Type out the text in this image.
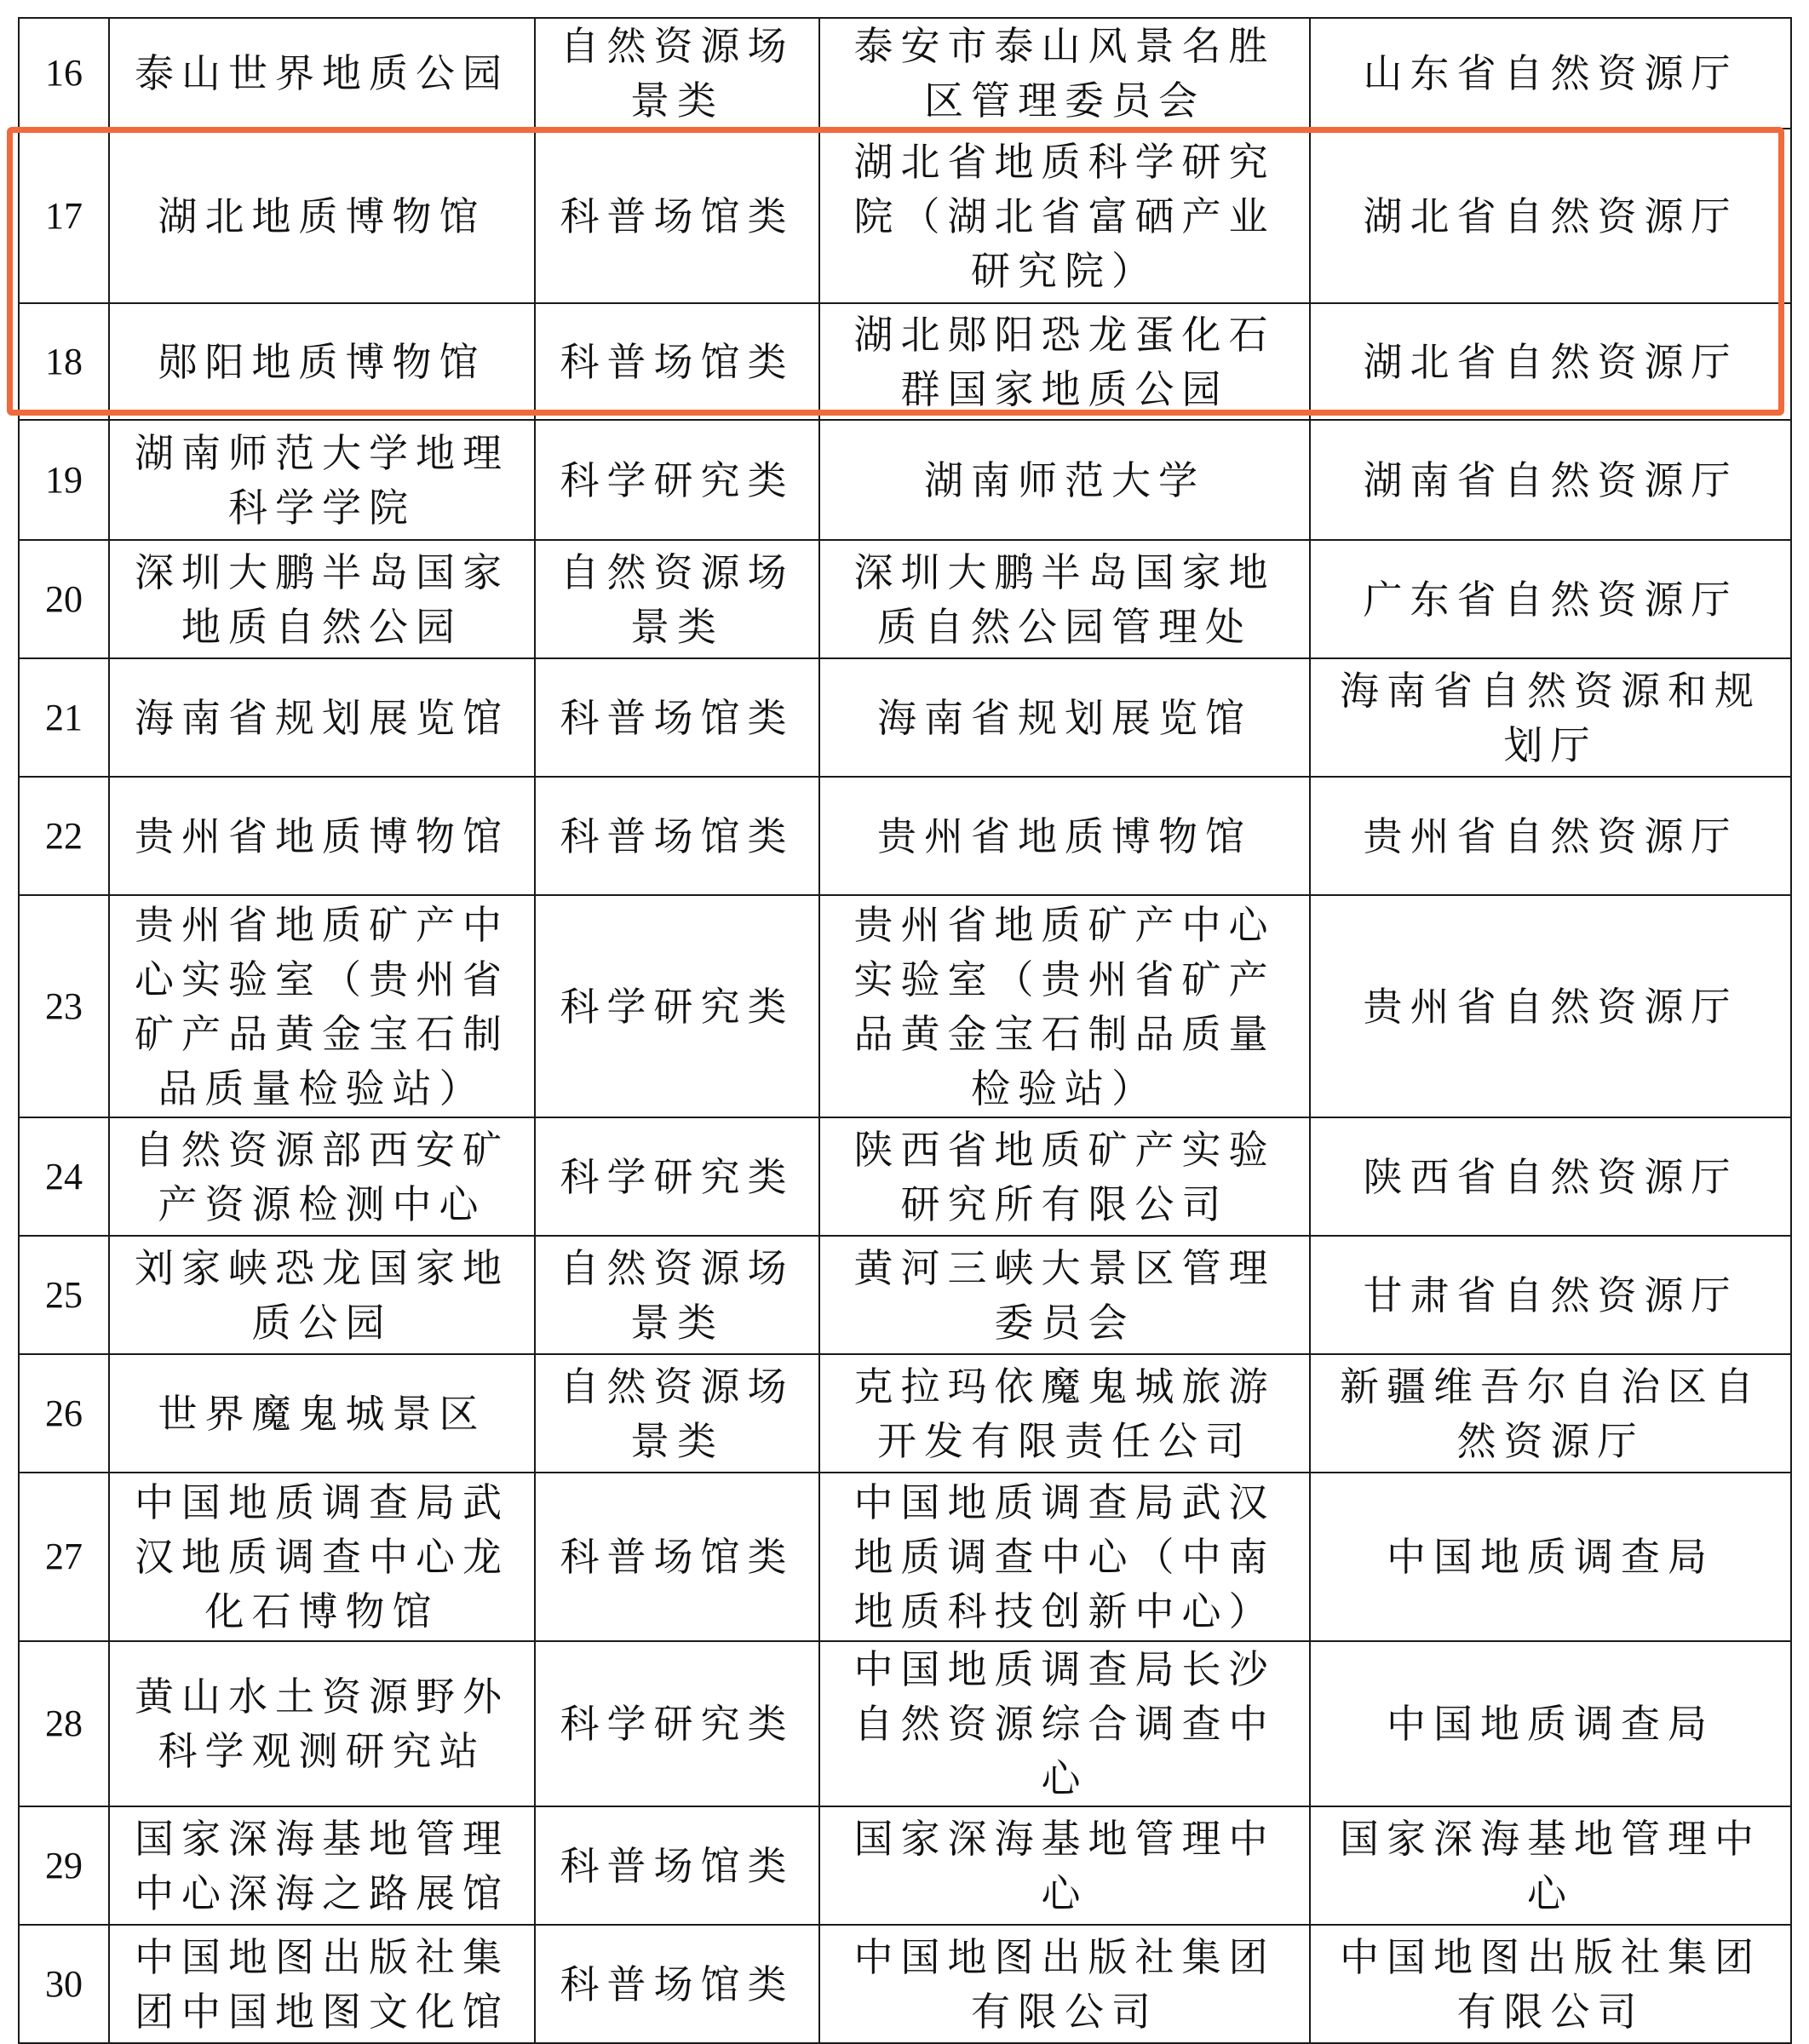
16	泰山世界地质公园	自然资源场景类	泰安市泰山风景名胜区管理委员会	山东省自然资源厅
17	湖北地质博物馆	科普场馆类	湖北省地质科学研究院（湖北省富硒产业研究院）	湖北省自然资源厅
18	郧阳地质博物馆	科普场馆类	湖北郧阳恐龙蛋化石群国家地质公园	湖北省自然资源厅
19	湖南师范大学地理科学学院	科学研究类	湖南师范大学	湖南省自然资源厅
20	深圳大鹏半岛国家地质自然公园	自然资源场景类	深圳大鹏半岛国家地质自然公园管理处	广东省自然资源厅
21	海南省规划展览馆	科普场馆类	海南省规划展览馆	海南省自然资源和规划厅
22	贵州省地质博物馆	科普场馆类	贵州省地质博物馆	贵州省自然资源厅
23	贵州省地质矿产中心实验室（贵州省矿产品黄金宝石制品质量检验站）	科学研究类	贵州省地质矿产中心实验室（贵州省矿产品黄金宝石制品质量检验站）	贵州省自然资源厅
24	自然资源部西安矿产资源检测中心	科学研究类	陕西省地质矿产实验研究所有限公司	陕西省自然资源厅
25	刘家峡恐龙国家地质公园	自然资源场景类	黄河三峡大景区管理委员会	甘肃省自然资源厅
26	世界魔鬼城景区	自然资源场景类	克拉玛依魔鬼城旅游开发有限责任公司	新疆维吾尔自治区自然资源厅
27	中国地质调查局武汉地质调查中心龙化石博物馆	科普场馆类	中国地质调查局武汉地质调查中心（中南地质科技创新中心）	中国地质调查局
28	黄山水土资源野外科学观测研究站	科学研究类	中国地质调查局长沙自然资源综合调查中心	中国地质调查局
29	国家深海基地管理中心深海之路展馆	科普场馆类	国家深海基地管理中心	国家深海基地管理中心
30	中国地图出版社集团中国地图文化馆	科普场馆类	中国地图出版社集团有限公司	中国地图出版社集团有限公司
